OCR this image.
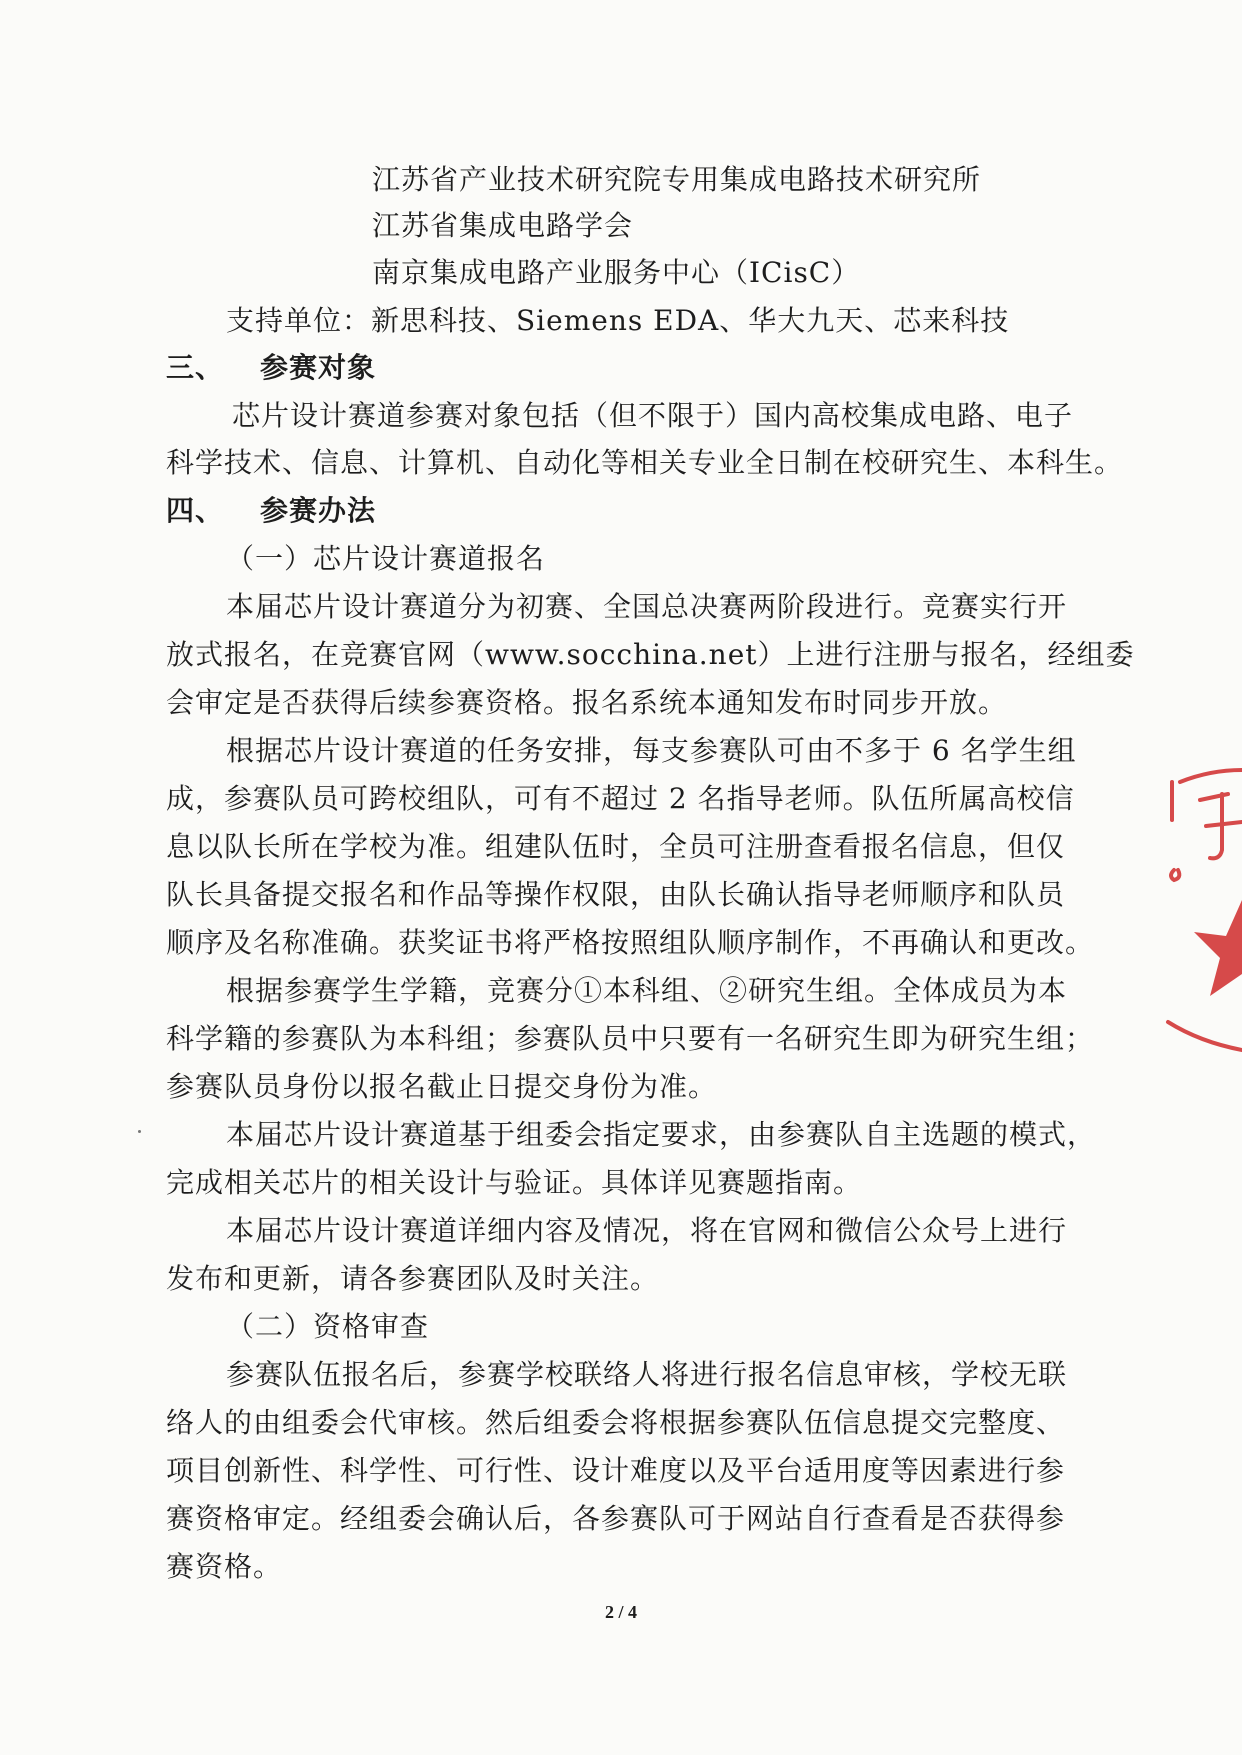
江苏省产业技术研究院专用集成电路技术研究所
江苏省集成电路学会
南京集成电路产业服务中心（ICisC）
支持单位：新思科技、Siemens EDA、华大九天、芯来科技
三、 参赛对象
芯片设计赛道参赛对象包括（但不限于）国内高校集成电路、电子
科学技术、信息、计算机、自动化等相关专业全日制在校研究生、本科生。
四、 参赛办法
（一）芯片设计赛道报名
本届芯片设计赛道分为初赛、全国总决赛两阶段进行。竞赛实行开
放式报名，在竞赛官网（www.socchina.net）上进行注册与报名，经组委
会审定是否获得后续参赛资格。报名系统本通知发布时同步开放。
根据芯片设计赛道的任务安排，每支参赛队可由不多于 6 名学生组
成，参赛队员可跨校组队，可有不超过 2 名指导老师。队伍所属高校信
息以队长所在学校为准。组建队伍时，全员可注册查看报名信息，但仅
队长具备提交报名和作品等操作权限，由队长确认指导老师顺序和队员
顺序及名称准确。获奖证书将严格按照组队顺序制作，不再确认和更改。
根据参赛学生学籍，竞赛分①本科组、②研究生组。全体成员为本
科学籍的参赛队为本科组；参赛队员中只要有一名研究生即为研究生组；
参赛队员身份以报名截止日提交身份为准。
本届芯片设计赛道基于组委会指定要求，由参赛队自主选题的模式，
完成相关芯片的相关设计与验证。具体详见赛题指南。
本届芯片设计赛道详细内容及情况，将在官网和微信公众号上进行
发布和更新，请各参赛团队及时关注。
（二）资格审查
参赛队伍报名后，参赛学校联络人将进行报名信息审核，学校无联
络人的由组委会代审核。然后组委会将根据参赛队伍信息提交完整度、
项目创新性、科学性、可行性、设计难度以及平台适用度等因素进行参
赛资格审定。经组委会确认后，各参赛队可于网站自行查看是否获得参
赛资格。
2 / 4
子
